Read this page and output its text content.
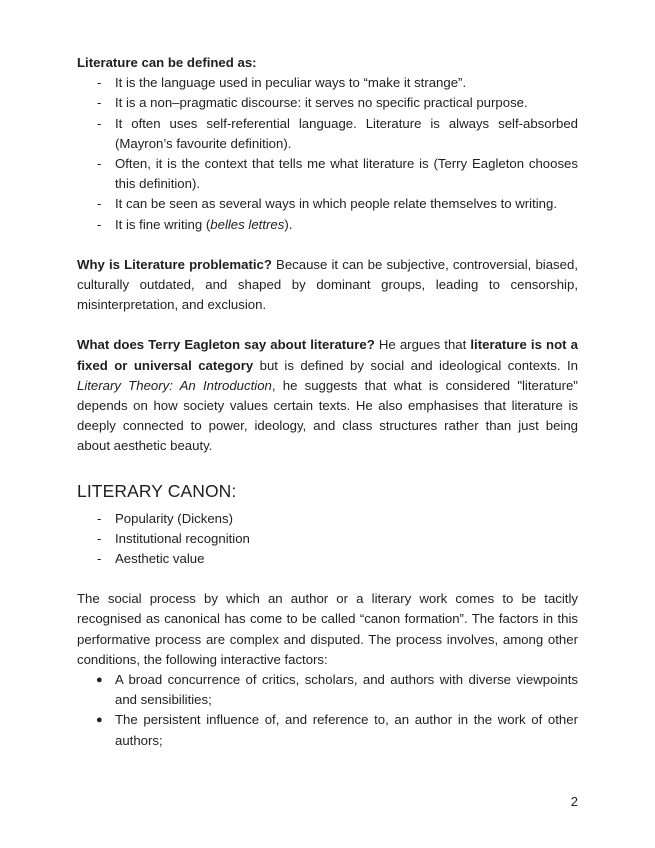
Literature can be defined as:
- It is the language used in peculiar ways to “make it strange”.
- It is a non–pragmatic discourse: it serves no specific practical purpose.
- It often uses self-referential language. Literature is always self-absorbed (Mayron’s favourite definition).
- Often, it is the context that tells me what literature is (Terry Eagleton chooses this definition).
- It can be seen as several ways in which people relate themselves to writing.
- It is fine writing (belles lettres).

Why is Literature problematic? Because it can be subjective, controversial, biased, culturally outdated, and shaped by dominant groups, leading to censorship, misinterpretation, and exclusion.

What does Terry Eagleton say about literature? He argues that literature is not a fixed or universal category but is defined by social and ideological contexts. In Literary Theory: An Introduction, he suggests that what is considered "literature" depends on how society values certain texts. He also emphasises that literature is deeply connected to power, ideology, and class structures rather than just being about aesthetic beauty.

LITERARY CANON:
- Popularity (Dickens)
- Institutional recognition
- Aesthetic value

The social process by which an author or a literary work comes to be tacitly recognised as canonical has come to be called “canon formation”. The factors in this performative process are complex and disputed. The process involves, among other conditions, the following interactive factors:

● A broad concurrence of critics, scholars, and authors with diverse viewpoints and sensibilities;
● The persistent influence of, and reference to, an author in the work of other authors;
2
